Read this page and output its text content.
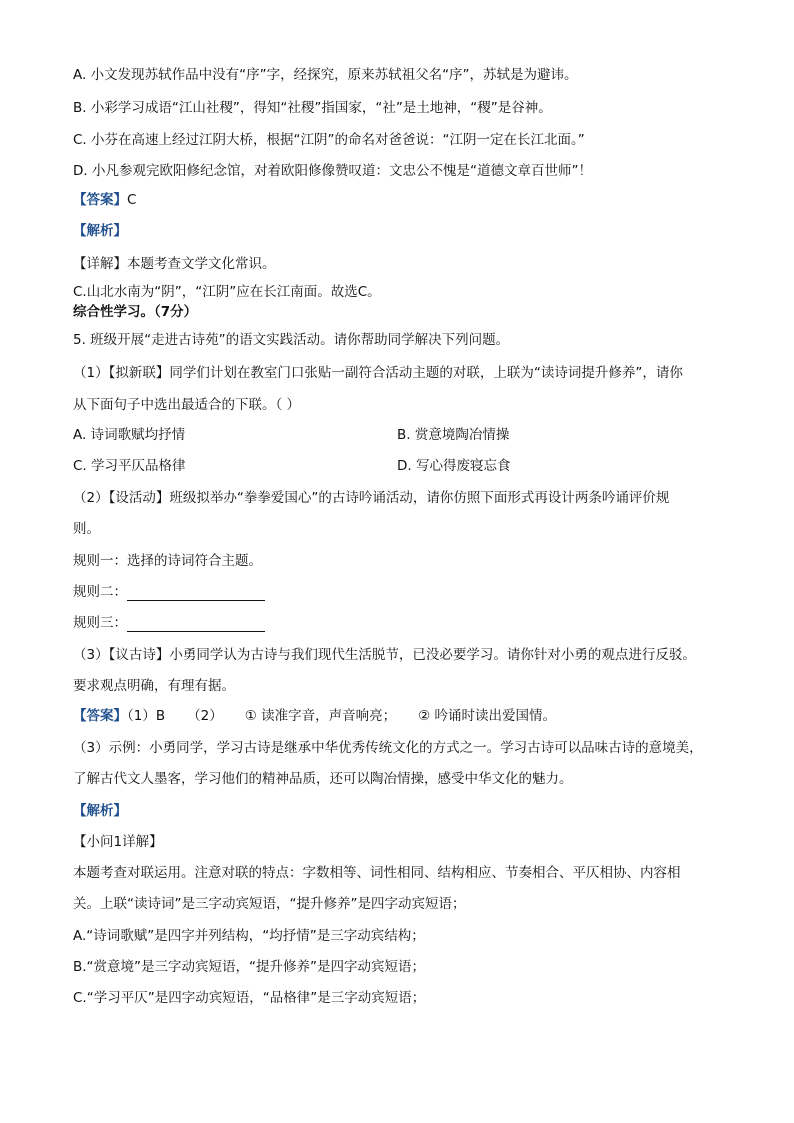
A. 小文发现苏轼作品中没有“序”字，经探究，原来苏轼祖父名“序”，苏轼是为避讳。
B. 小彩学习成语“江山社稷”，得知“社稷”指国家，“社”是土地神，“稷”是谷神。
C. 小芬在高速上经过江阴大桥，根据“江阴”的命名对爸爸说：“江阴一定在长江北面。”
D. 小凡参观完欧阳修纪念馆，对着欧阳修像赞叹道：文忠公不愧是“道德文章百世师”！
【答案】C
【解析】
【详解】本题考查文学文化常识。
C.山北水南为“阴”，“江阴”应在长江南面。故选C。
综合性学习。（7分）
5. 班级开展“走进古诗苑”的语文实践活动。请你帮助同学解决下列问题。
（1）【拟新联】同学们计划在教室门口张贴一副符合活动主题的对联，上联为“读诗词提升修养”，请你
从下面句子中选出最适合的下联。（ ）
A. 诗词歌赋均抒情	B. 赏意境陶冶情操
C. 学习平仄品格律	D. 写心得废寝忘食
（2）【设活动】班级拟举办“拳拳爱国心”的古诗吟诵活动，请你仿照下面形式再设计两条吟诵评价规
则。
规则一：选择的诗词符合主题。
规则二：
规则三：
（3）【议古诗】小勇同学认为古诗与我们现代生活脱节，已没必要学习。请你针对小勇的观点进行反驳。
要求观点明确，有理有据。
【答案】（1）B （2） ① 读准字音，声音响亮； ② 吟诵时读出爱国情。
（3）示例：小勇同学，学习古诗是继承中华优秀传统文化的方式之一。学习古诗可以品味古诗的意境美，
了解古代文人墨客，学习他们的精神品质，还可以陶冶情操，感受中华文化的魅力。
【解析】
【小问1详解】
本题考查对联运用。注意对联的特点：字数相等、词性相同、结构相应、节奏相合、平仄相协、内容相
关。上联“读诗词”是三字动宾短语，“提升修养”是四字动宾短语；
A.“诗词歌赋”是四字并列结构，“均抒情”是三字动宾结构；
B.“赏意境”是三字动宾短语，“提升修养”是四字动宾短语；
C.“学习平仄”是四字动宾短语，“品格律”是三字动宾短语；
